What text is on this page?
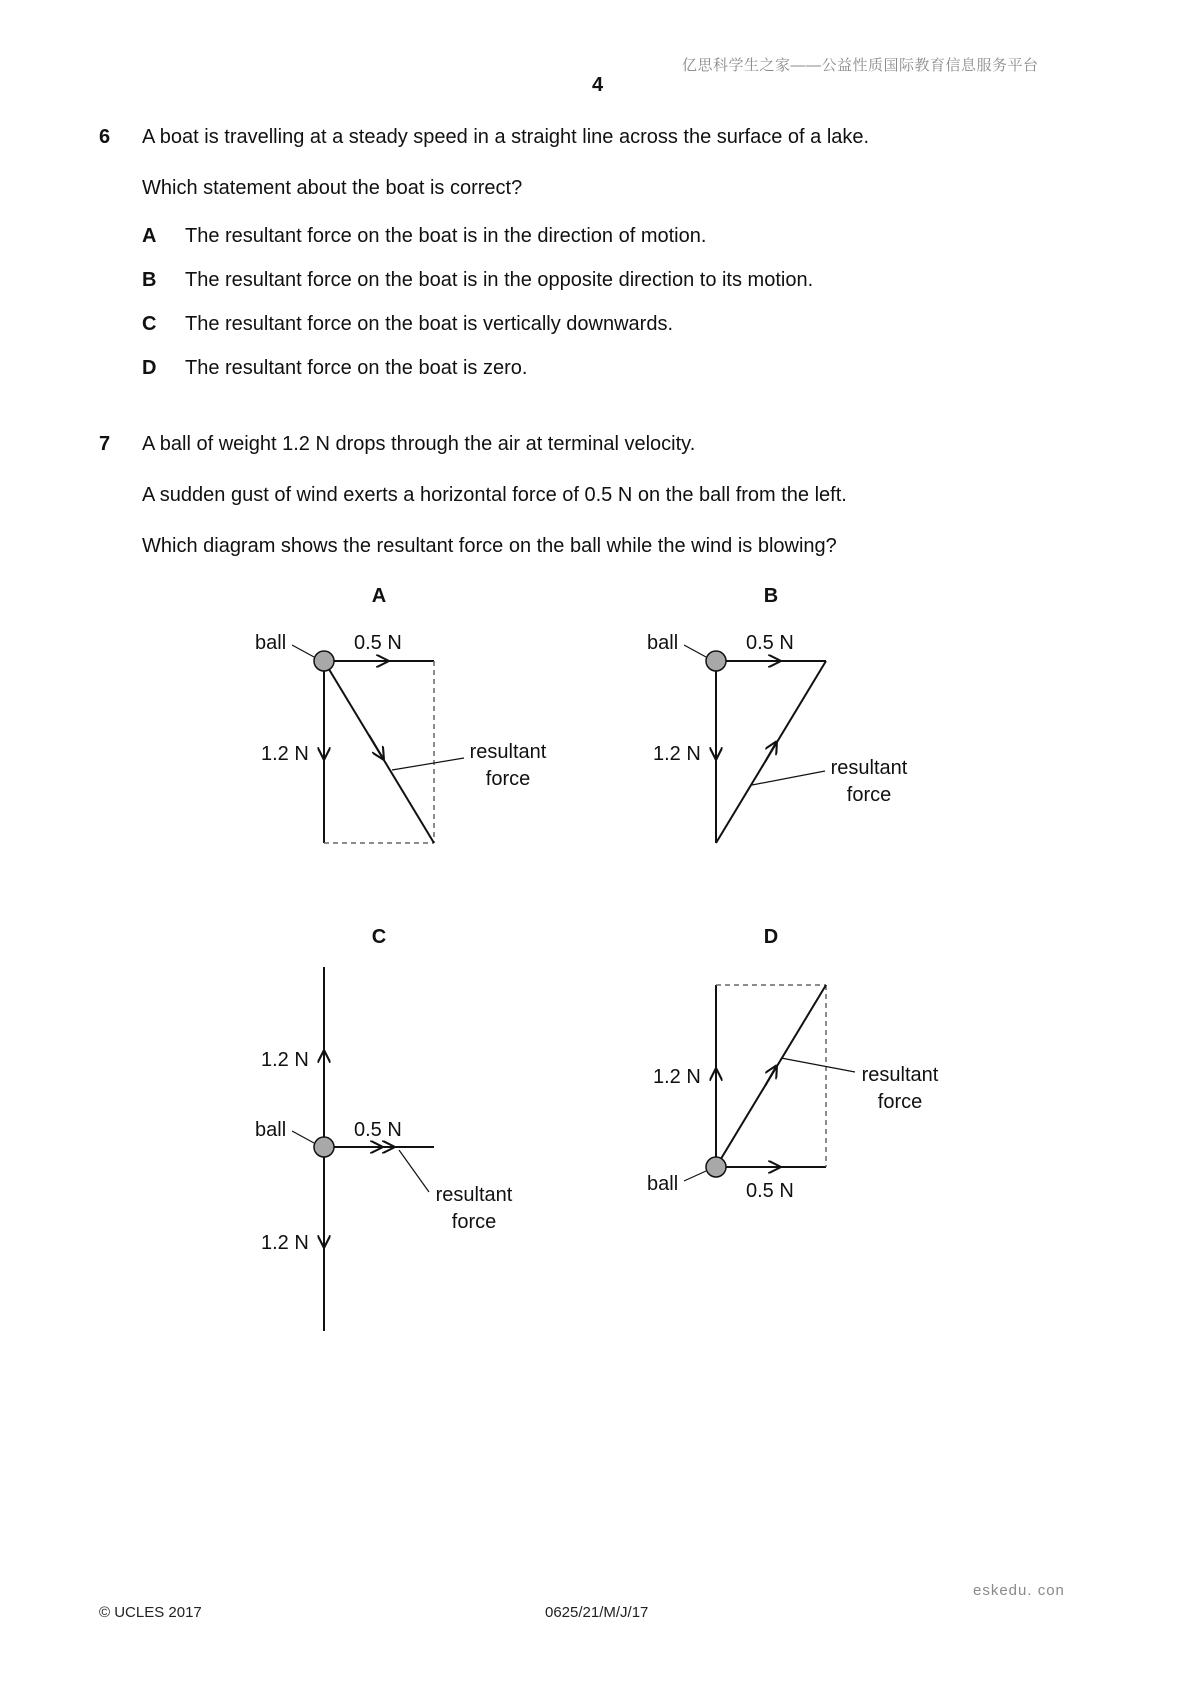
亿思科学生之家——公益性质国际教育信息服务平台
4
6 A boat is travelling at a steady speed in a straight line across the surface of a lake.
Which statement about the boat is correct?
A The resultant force on the boat is in the direction of motion.
B The resultant force on the boat is in the opposite direction to its motion.
C The resultant force on the boat is vertically downwards.
D The resultant force on the boat is zero.
7 A ball of weight 1.2 N drops through the air at terminal velocity.
A sudden gust of wind exerts a horizontal force of 0.5 N on the ball from the left.
Which diagram shows the resultant force on the ball while the wind is blowing?
A
ball	0.5 N
1.2 N	resultant
force
B
ball	0.5 N
1.2 N
resultant
force
C
ball	0.5 N
1.2 N
1.2 N
resultant
force
D
ball	0.5 N
1.2 N	resultant
force
eskedu. con
© UCLES 2017	0625/21/M/J/17
